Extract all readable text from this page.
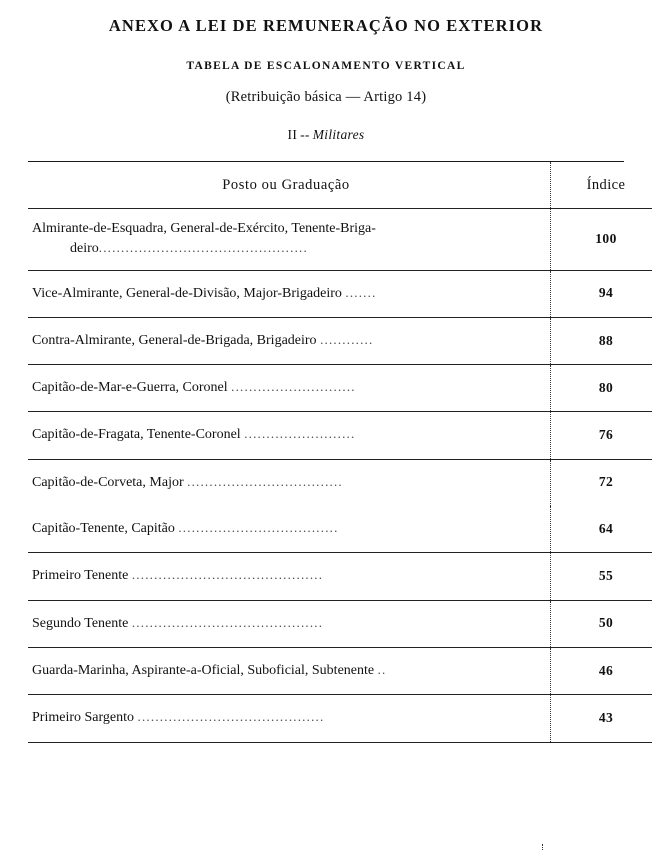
ANEXO A LEI DE REMUNERAÇÃO NO EXTERIOR
TABELA DE ESCALONAMENTO VERTICAL
(Retribuição básica — Artigo 14)
II -- Militares
Posto ou Graduação	Índice

Almirante-de-Esquadra, General-de-Exército, Tenente-Briga-
deiro...............................................	100

Vice-Almirante, General-de-Divisão, Major-Brigadeiro .......	94

Contra-Almirante, General-de-Brigada, Brigadeiro ............	88

Capitão-de-Mar-e-Guerra, Coronel ............................	80

Capitão-de-Fragata, Tenente-Coronel .........................	76

Capitão-de-Corveta, Major ...................................	72

Capitão-Tenente, Capitão ....................................	64

Primeiro Tenente ...........................................	55

Segundo Tenente ...........................................	50

Guarda-Marinha, Aspirante-a-Oficial, Suboficial, Subtenente ..	46

Primeiro Sargento ..........................................	43
